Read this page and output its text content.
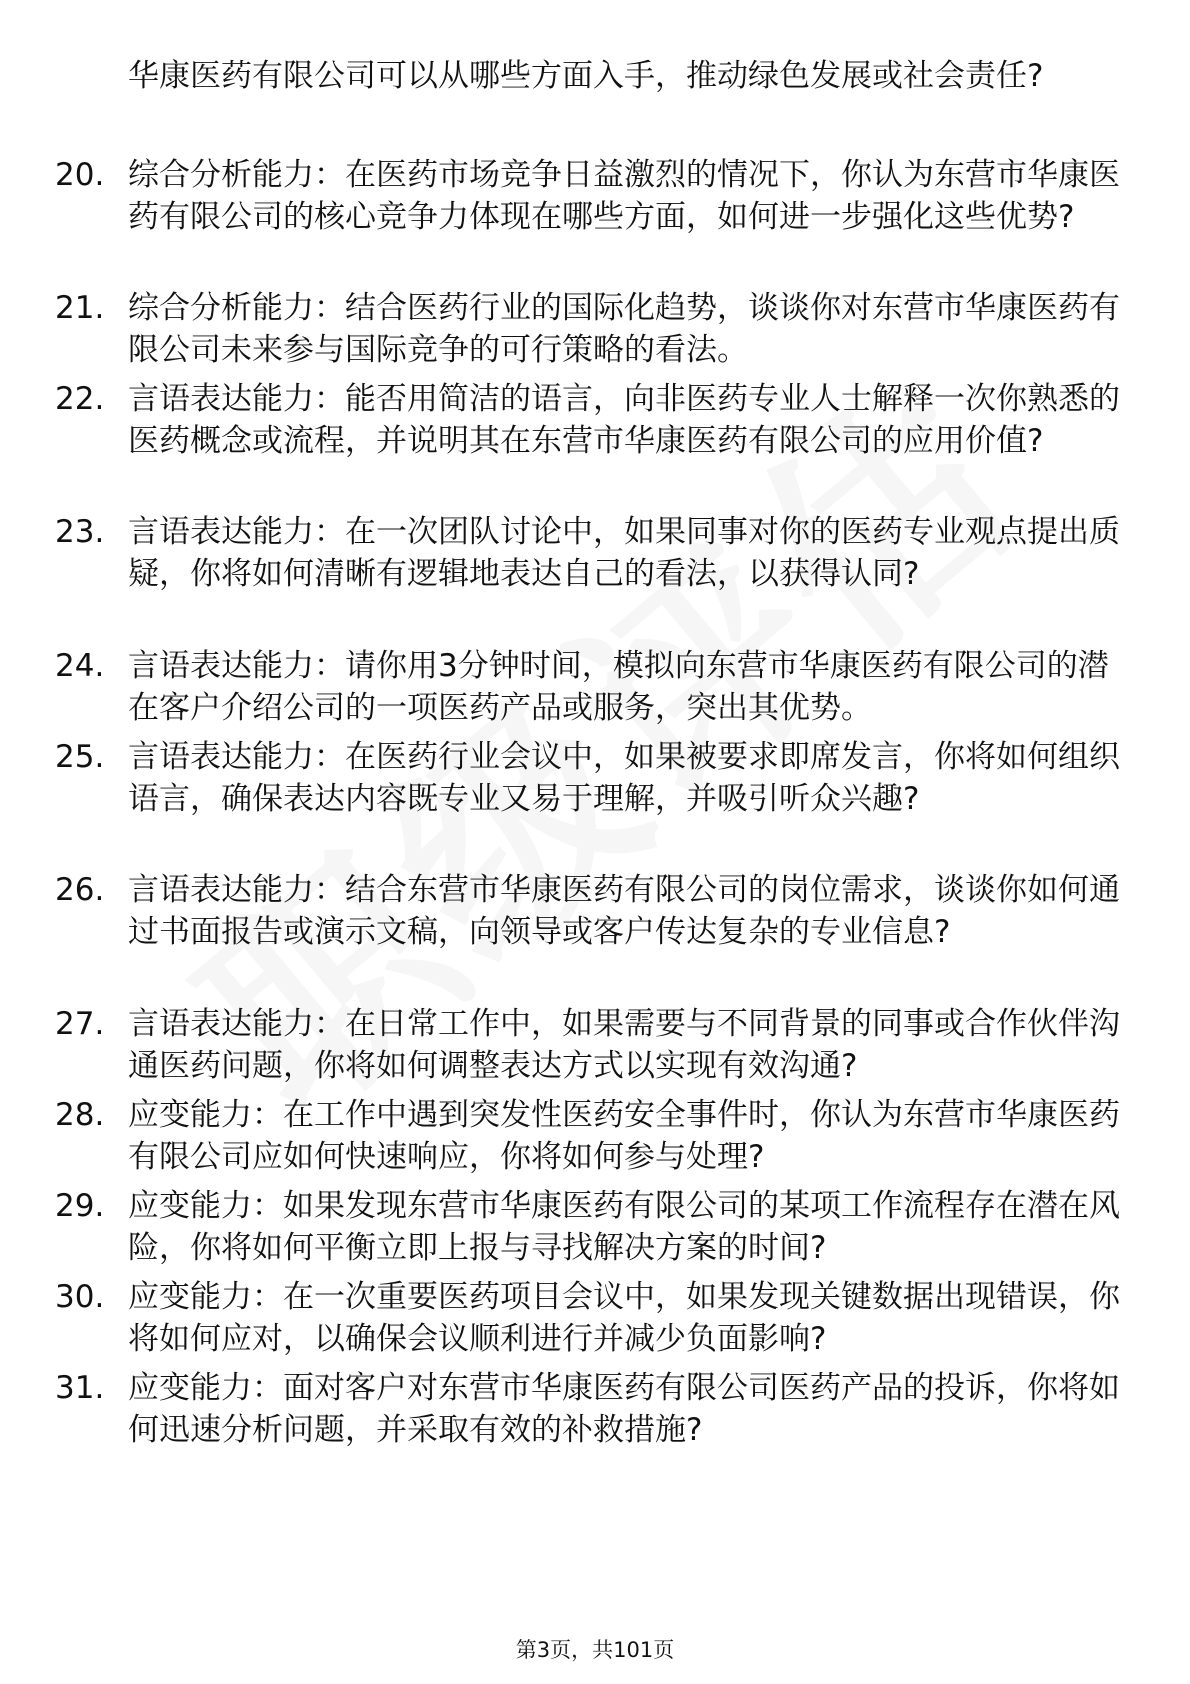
华康医药有限公司可以从哪些方面入手，推动绿色发展或社会责任?
20. 综合分析能力：在医药市场竞争日益激烈的情况下，你认为东营市华康医药有限公司的核心竞争力体现在哪些方面，如何进一步强化这些优势?
21. 综合分析能力：结合医药行业的国际化趋势，谈谈你对东营市华康医药有限公司未来参与国际竞争的可行策略的看法。
22. 言语表达能力：能否用简洁的语言，向非医药专业人士解释一次你熟悉的医药概念或流程，并说明其在东营市华康医药有限公司的应用价值?
23. 言语表达能力：在一次团队讨论中，如果同事对你的医药专业观点提出质疑，你将如何清晰有逻辑地表达自己的看法，以获得认同?
24. 言语表达能力：请你用3分钟时间，模拟向东营市华康医药有限公司的潜在客户介绍公司的一项医药产品或服务，突出其优势。
25. 言语表达能力：在医药行业会议中，如果被要求即席发言，你将如何组织语言，确保表达内容既专业又易于理解，并吸引听众兴趣?
26. 言语表达能力：结合东营市华康医药有限公司的岗位需求，谈谈你如何通过书面报告或演示文稿，向领导或客户传达复杂的专业信息?
27. 言语表达能力：在日常工作中，如果需要与不同背景的同事或合作伙伴沟通医药问题，你将如何调整表达方式以实现有效沟通?
28. 应变能力：在工作中遇到突发性医药安全事件时，你认为东营市华康医药有限公司应如何快速响应，你将如何参与处理?
29. 应变能力：如果发现东营市华康医药有限公司的某项工作流程存在潜在风险，你将如何平衡立即上报与寻找解决方案的时间?
30. 应变能力：在一次重要医药项目会议中，如果发现关键数据出现错误，你将如何应对，以确保会议顺利进行并减少负面影响?
31. 应变能力：面对客户对东营市华康医药有限公司医药产品的投诉，你将如何迅速分析问题，并采取有效的补救措施?
第3页，共101页
